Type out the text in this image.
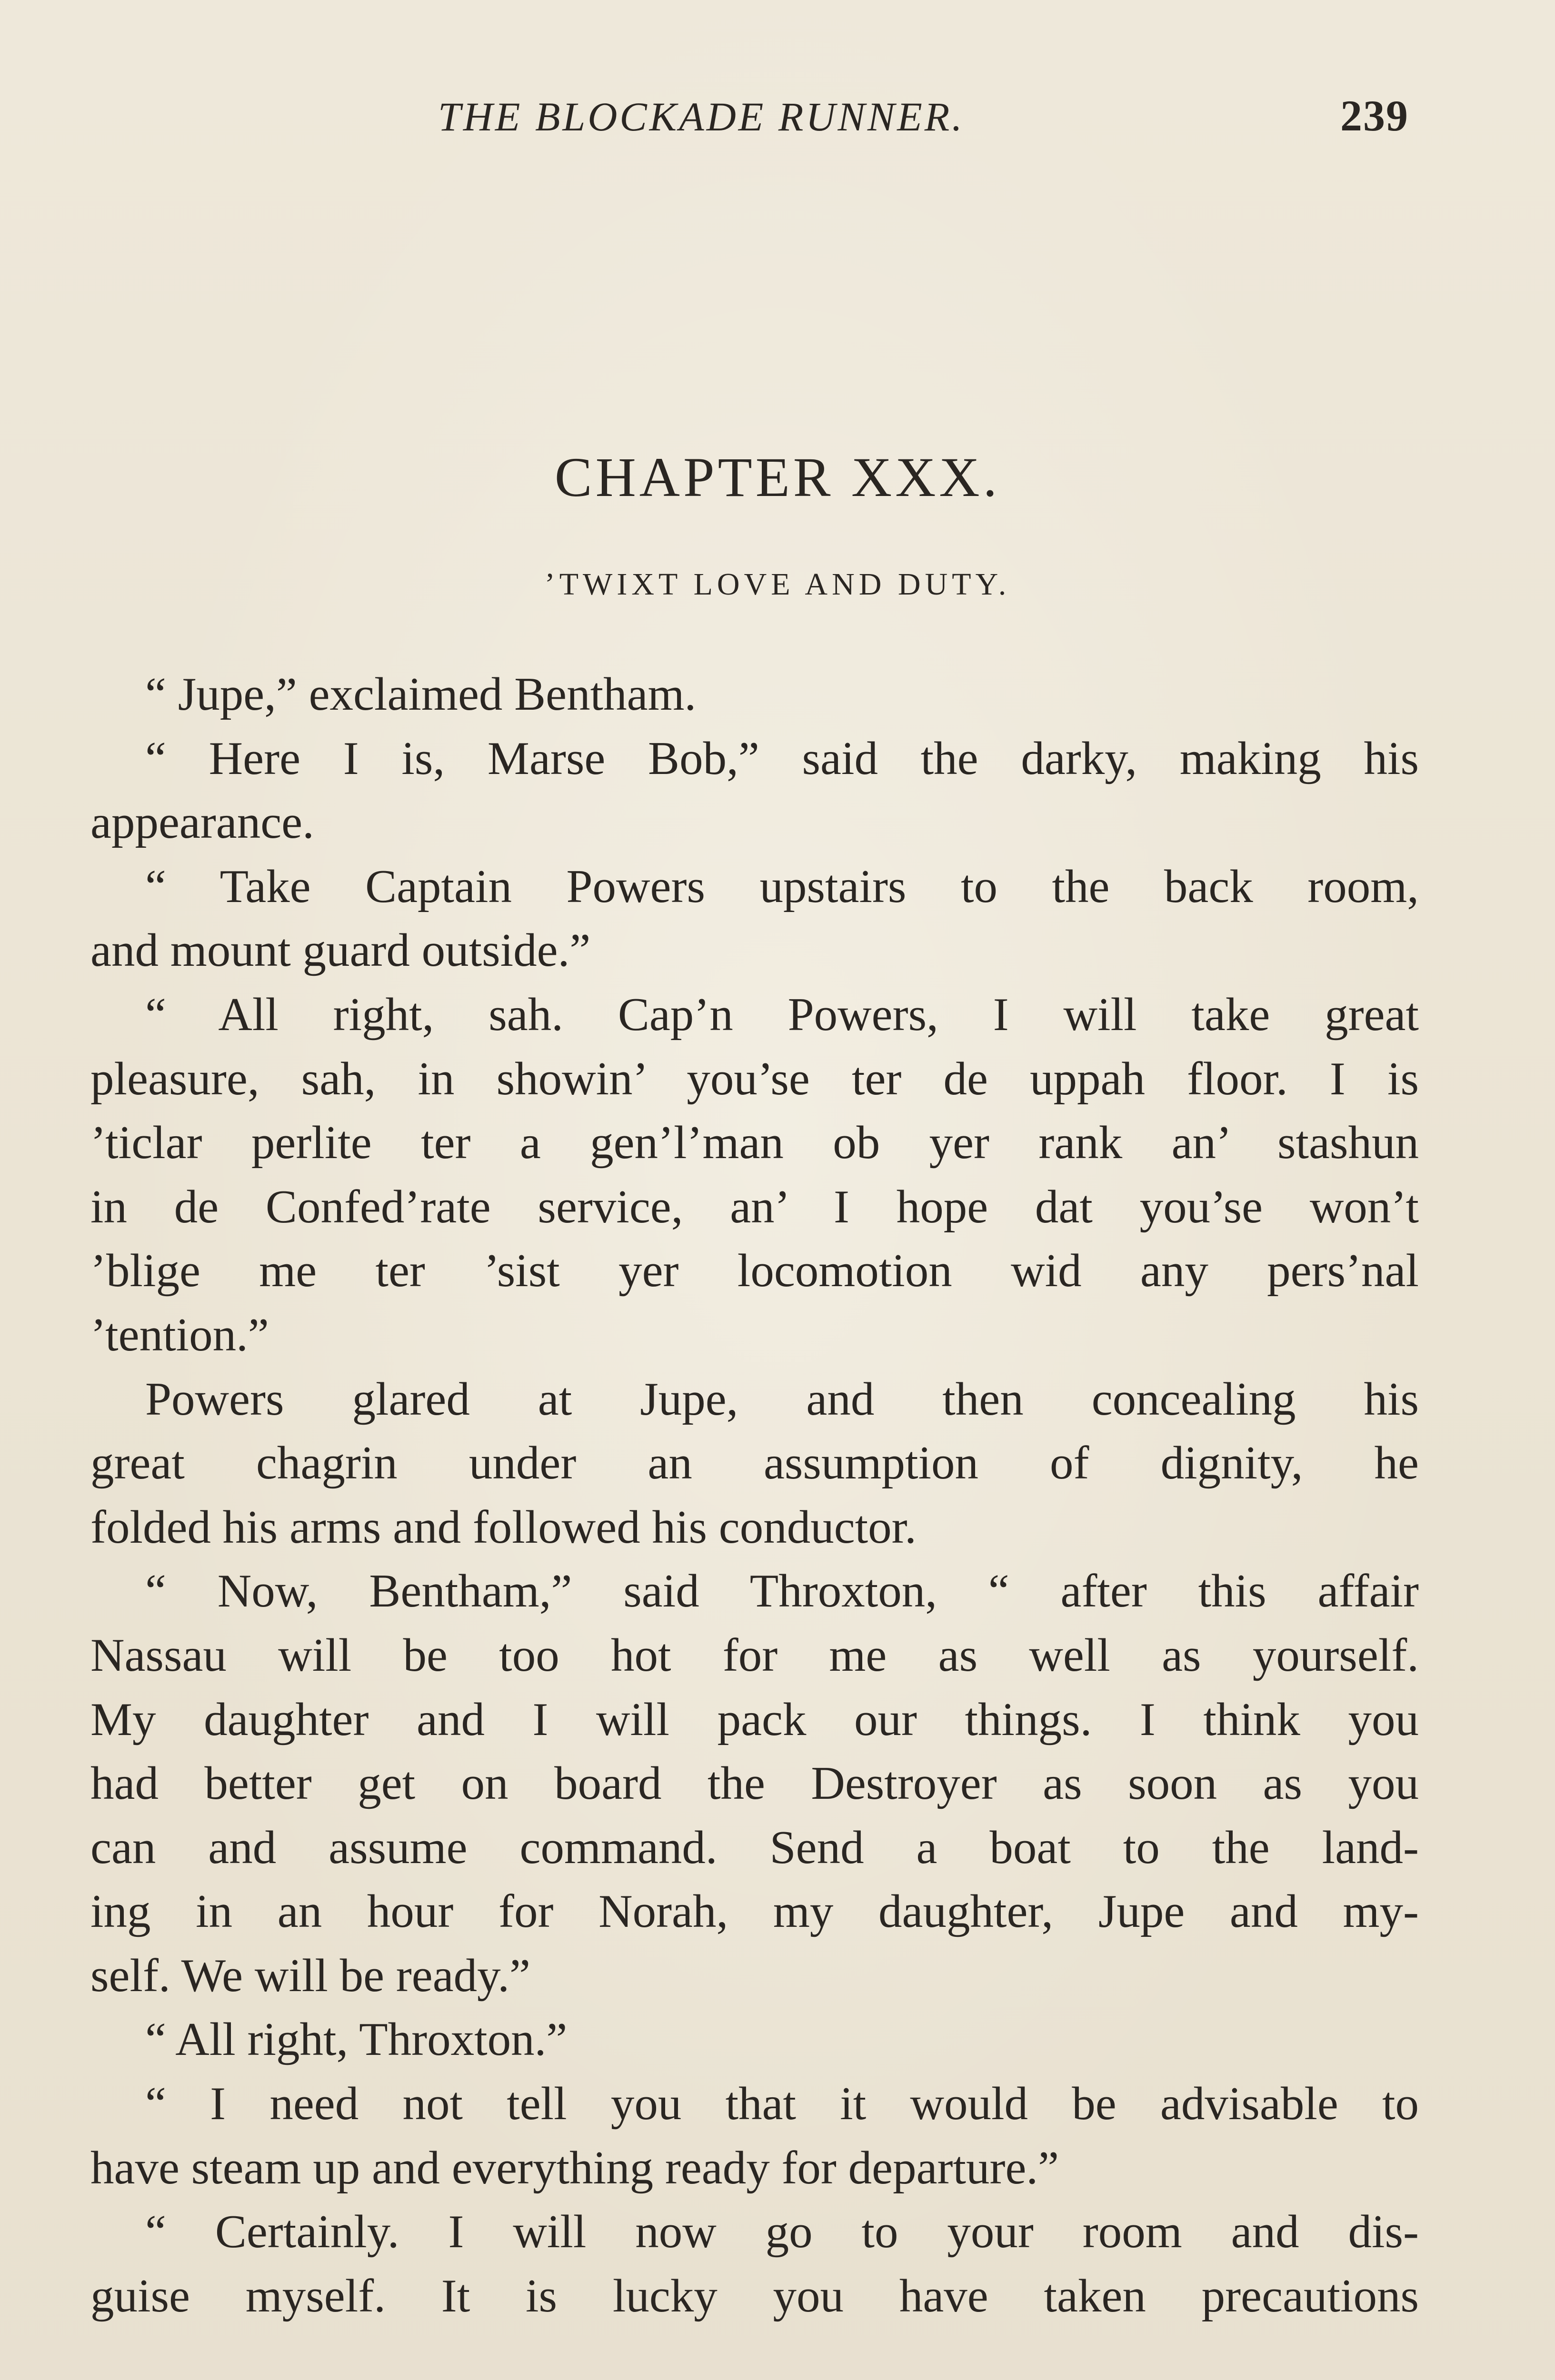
THE BLOCKADE RUNNER.	239
CHAPTER XXX.
’TWIXT LOVE AND DUTY.
“ Jupe,” exclaimed Bentham.
“ Here I is, Marse Bob,” said the darky, making his
appearance.
“ Take Captain Powers upstairs to the back room,
and mount guard outside.”
“ All right, sah. Cap’n Powers, I will take great
pleasure, sah, in showin’ you’se ter de uppah floor. I is
’ticlar perlite ter a gen’l’man ob yer rank an’ stashun
in de Confed’rate service, an’ I hope dat you’se won’t
’blige me ter ’sist yer locomotion wid any pers’nal
’tention.”
Powers glared at Jupe, and then concealing his
great chagrin under an assumption of dignity, he
folded his arms and followed his conductor.
“ Now, Bentham,” said Throxton, “ after this affair
Nassau will be too hot for me as well as yourself.
My daughter and I will pack our things. I think you
had better get on board the Destroyer as soon as you
can and assume command. Send a boat to the land-
ing in an hour for Norah, my daughter, Jupe and my-
self. We will be ready.”
“ All right, Throxton.”
“ I need not tell you that it would be advisable to
have steam up and everything ready for departure.”
“ Certainly. I will now go to your room and dis-
guise myself. It is lucky you have taken precautions
